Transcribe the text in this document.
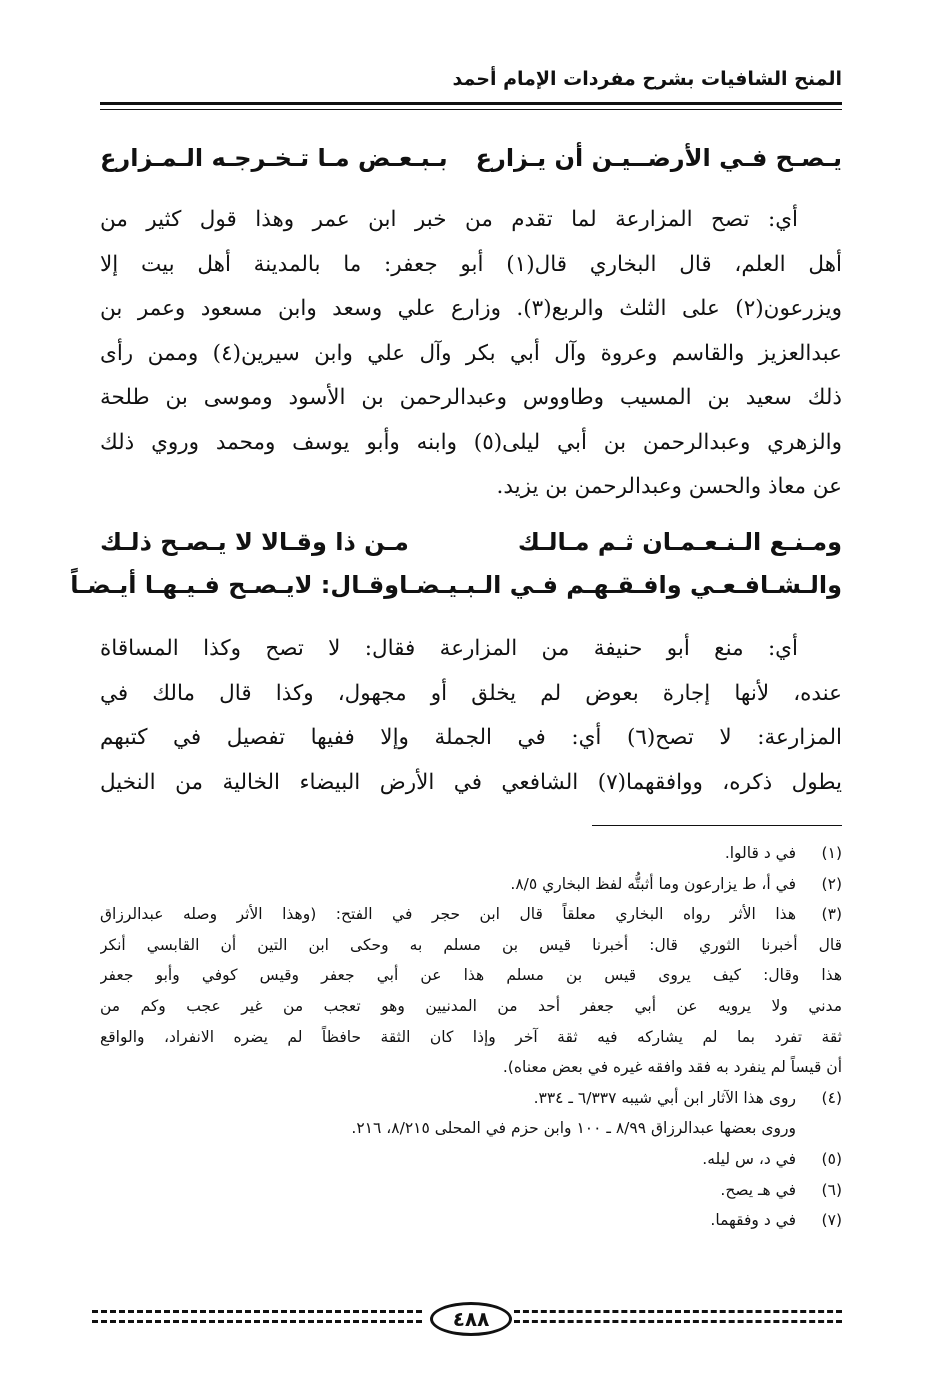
المنح الشافيات بشرح مفردات الإمام أحمد
يـصـح فـي الأرضــيـن أن يـزارع
بـبـعـض مـا تـخـرجـه الـمـزارع
أي: تصح المزارعة لما تقدم من خبر ابن عمر وهذا قول كثير من
أهل العلم، قال البخاري قال(١) أبو جعفر: ما بالمدينة أهل بيت إلا
ويزرعون(٢) على الثلث والربع(٣). وزارع علي وسعد وابن مسعود وعمر بن
عبدالعزيز والقاسم وعروة وآل أبي بكر وآل علي وابن سيرين(٤) وممن رأى
ذلك سعيد بن المسيب وطاووس وعبدالرحمن بن الأسود وموسى بن طلحة
والزهري وعبدالرحمن بن أبي ليلى(٥) وابنه وأبو يوسف ومحمد وروي ذلك
عن معاذ والحسن وعبدالرحمن بن يزيد.
ومـنـع الـنـعـمـان ثـم مـالـك
مـن ذا وقـالا لا يـصـح ذلـك
والـشـافـعـي وافـقـهـم فـي الـبـيـضـا
وقـال: لايـصـح فـيـهـا أيـضـاً
أي: منع أبو حنيفة من المزارعة فقال: لا تصح وكذا المساقاة
عنده، لأنها إجارة بعوض لم يخلق أو مجهول، وكذا قال مالك في
المزارعة: لا تصح(٦) أي: في الجملة وإلا ففيها تفصيل في كتبهم
يطول ذكره، ووافقهما(٧) الشافعي في الأرض البيضاء الخالية من النخيل
(١)
في د قالوا.
(٢)
في أ، ط يزارعون وما أثبتُّه لفظ البخاري ٨/٥.
(٣)
هذا الأثر رواه البخاري معلقاً قال ابن حجر في الفتح: (وهذا الأثر وصله عبدالرزاق
قال أخبرنا الثوري قال: أخبرنا قيس بن مسلم به وحكى ابن التين أن القابسي أنكر
هذا وقال: كيف يروى قيس بن مسلم هذا عن أبي جعفر وقيس كوفي وأبو جعفر
مدني ولا يرويه عن أبي جعفر أحد من المدنيين وهو تعجب من غير عجب وكم من
ثقة تفرد بما لم يشاركه فيه ثقة آخر وإذا كان الثقة حافظاً لم يضره الانفراد، والواقع
أن قيساً لم ينفرد به فقد وافقه غيره في بعض معناه).
(٤)
روى هذا الآثار ابن أبي شيبه ٦/٣٣٧ ـ ٣٣٤.
وروى بعضها عبدالرزاق ٨/٩٩ ـ ١٠٠ وابن حزم في المحلى ٨/٢١٥، ٢١٦.
(٥)
في د، س ليله.
(٦)
في هـ يصح.
(٧)
في د وفقهما.
٤٨٨
